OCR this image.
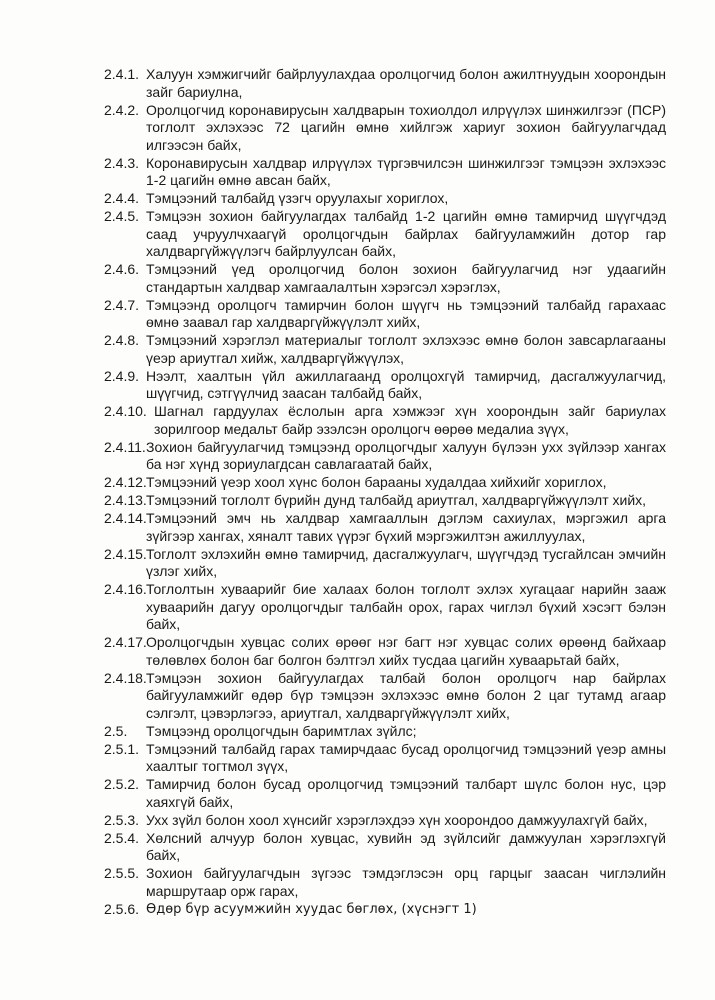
2.4.1. Халуун хэмжигчийг байрлуулахдаа оролцогчид болон ажилтнуудын хоорондын зайг бариулна,
2.4.2. Оролцогчид коронавирусын халдварын тохиолдол илрүүлэх шинжилгээг (ПСР) тоглолт эхлэхээс 72 цагийн өмнө хийлгэж хариуг зохион байгуулагчдад илгээсэн байх,
2.4.3. Коронавирусын халдвар илрүүлэх түргэвчилсэн шинжилгээг тэмцээн эхлэхээс 1-2 цагийн өмнө авсан байх,
2.4.4. Тэмцээний талбайд үзэгч оруулахыг хориглох,
2.4.5. Тэмцээн зохион байгуулагдах талбайд 1-2 цагийн өмнө тамирчид шүүгчдэд саад учруулчхаагүй оролцогчдын байрлах байгууламжийн дотор гар халдваргүйжүүлэгч байрлуулсан байх,
2.4.6. Тэмцээний үед оролцогчид болон зохион байгуулагчид нэг удаагийн стандартын халдвар хамгаалалтын хэрэгсэл хэрэглэх,
2.4.7. Тэмцээнд оролцогч тамирчин болон шүүгч нь тэмцээний талбайд гарахаас өмнө заавал гар халдваргүйжүүлэлт хийх,
2.4.8. Тэмцээний хэрэглэл материалыг тоглолт эхлэхээс өмнө болон завсарлагааны үеэр ариутгал хийж, халдваргүйжүүлэх,
2.4.9. Нээлт, хаалтын үйл ажиллагаанд оролцохгүй тамирчид, дасгалжуулагчид, шүүгчид, сэтгүүлчид заасан талбайд байх,
2.4.10. Шагнал гардуулах ёслолын арга хэмжээг хүн хоорондын зайг бариулах зорилгоор медальт байр эзэлсэн оролцогч өөрөө медалиа зүүх,
2.4.11. Зохион байгуулагчид тэмцээнд оролцогчдыг халуун бүлээн ухх зүйлээр хангах ба нэг хүнд зориулагдсан савлагаатай байх,
2.4.12. Тэмцээний үеэр хоол хүнс болон барааны худалдаа хийхийг хориглох,
2.4.13. Тэмцээний тоглолт бүрийн дунд талбайд ариутгал, халдваргүйжүүлэлт хийх,
2.4.14. Тэмцээний эмч нь халдвар хамгааллын дэглэм сахиулах, мэргэжил арга зүйгээр хангах, хяналт тавих үүрэг бүхий мэргэжилтэн ажиллуулах,
2.4.15. Тоглолт эхлэхийн өмнө тамирчид, дасгалжуулагч, шүүгчдэд тусгайлсан эмчийн үзлэг хийх,
2.4.16. Тоглолтын хуваарийг бие халаах болон тоглолт эхлэх хугацааг нарийн зааж хуваарийн дагуу оролцогчдыг талбайн орох, гарах чиглэл бүхий хэсэгт бэлэн байх,
2.4.17. Оролцогчдын хувцас солих өрөөг нэг багт нэг хувцас солих өрөөнд байхаар төлөвлөх болон баг болгон бэлтгэл хийх тусдаа цагийн хуваарьтай байх,
2.4.18. Тэмцээн зохион байгуулагдах талбай болон оролцогч нар байрлах байгууламжийг өдөр бүр тэмцээн эхлэхээс өмнө болон 2 цаг тутамд агаар сэлгэлт, цэвэрлэгээ, ариутгал, халдваргүйжүүлэлт хийх,
2.5. Тэмцээнд оролцогчдын баримтлах зүйлс;
2.5.1. Тэмцээний талбайд гарах тамирчдаас бусад оролцогчид тэмцээний үеэр амны хаалтыг тогтмол зүүх,
2.5.2. Тамирчид болон бусад оролцогчид тэмцээний талбарт шүлс болон нус, цэр хаяхгүй байх,
2.5.3. Ухх зүйл болон хоол хүнсийг хэрэглэхдээ хүн хоорондоо дамжуулахгүй байх,
2.5.4. Хөлсний алчуур болон хувцас, хувийн эд зүйлсийг дамжуулан хэрэглэхгүй байх,
2.5.5. Зохион байгуулагчдын зүгээс тэмдэглэсэн орц гарцыг заасан чиглэлийн маршрутаар орж гарах,
2.5.6. Өдөр бүр асуумжийн хуудас бөглөх, (хүснэгт 1)
